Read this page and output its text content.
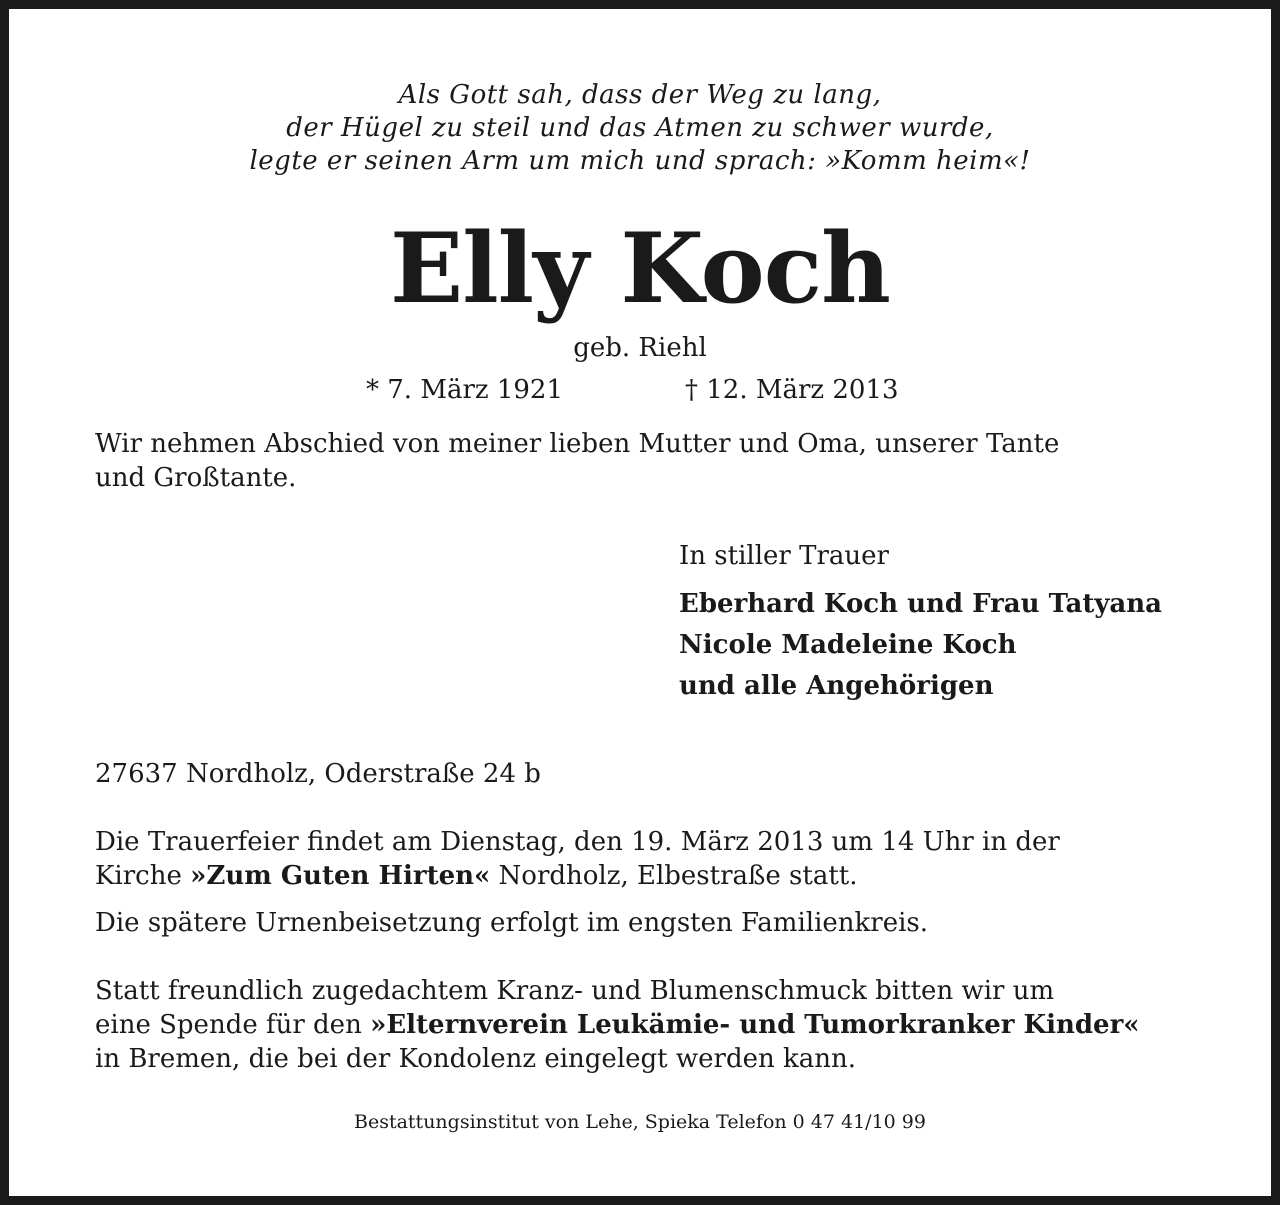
Als Gott sah, dass der Weg zu lang,
der Hügel zu steil und das Atmen zu schwer wurde,
legte er seinen Arm um mich und sprach: »Komm heim«!
Elly Koch
geb. Riehl
* 7. März 1921	† 12. März 2013
Wir nehmen Abschied von meiner lieben Mutter und Oma, unserer Tante
und Großtante.
In stiller Trauer
Eberhard Koch und Frau Tatyana
Nicole Madeleine Koch
und alle Angehörigen
27637 Nordholz, Oderstraße 24 b
Die Trauerfeier findet am Dienstag, den 19. März 2013 um 14 Uhr in der
Kirche »Zum Guten Hirten« Nordholz, Elbestraße statt.
Die spätere Urnenbeisetzung erfolgt im engsten Familienkreis.
Statt freundlich zugedachtem Kranz- und Blumenschmuck bitten wir um
eine Spende für den »Elternverein Leukämie- und Tumorkranker Kinder«
in Bremen, die bei der Kondolenz eingelegt werden kann.
Bestattungsinstitut von Lehe, Spieka Telefon 0 47 41/10 99
